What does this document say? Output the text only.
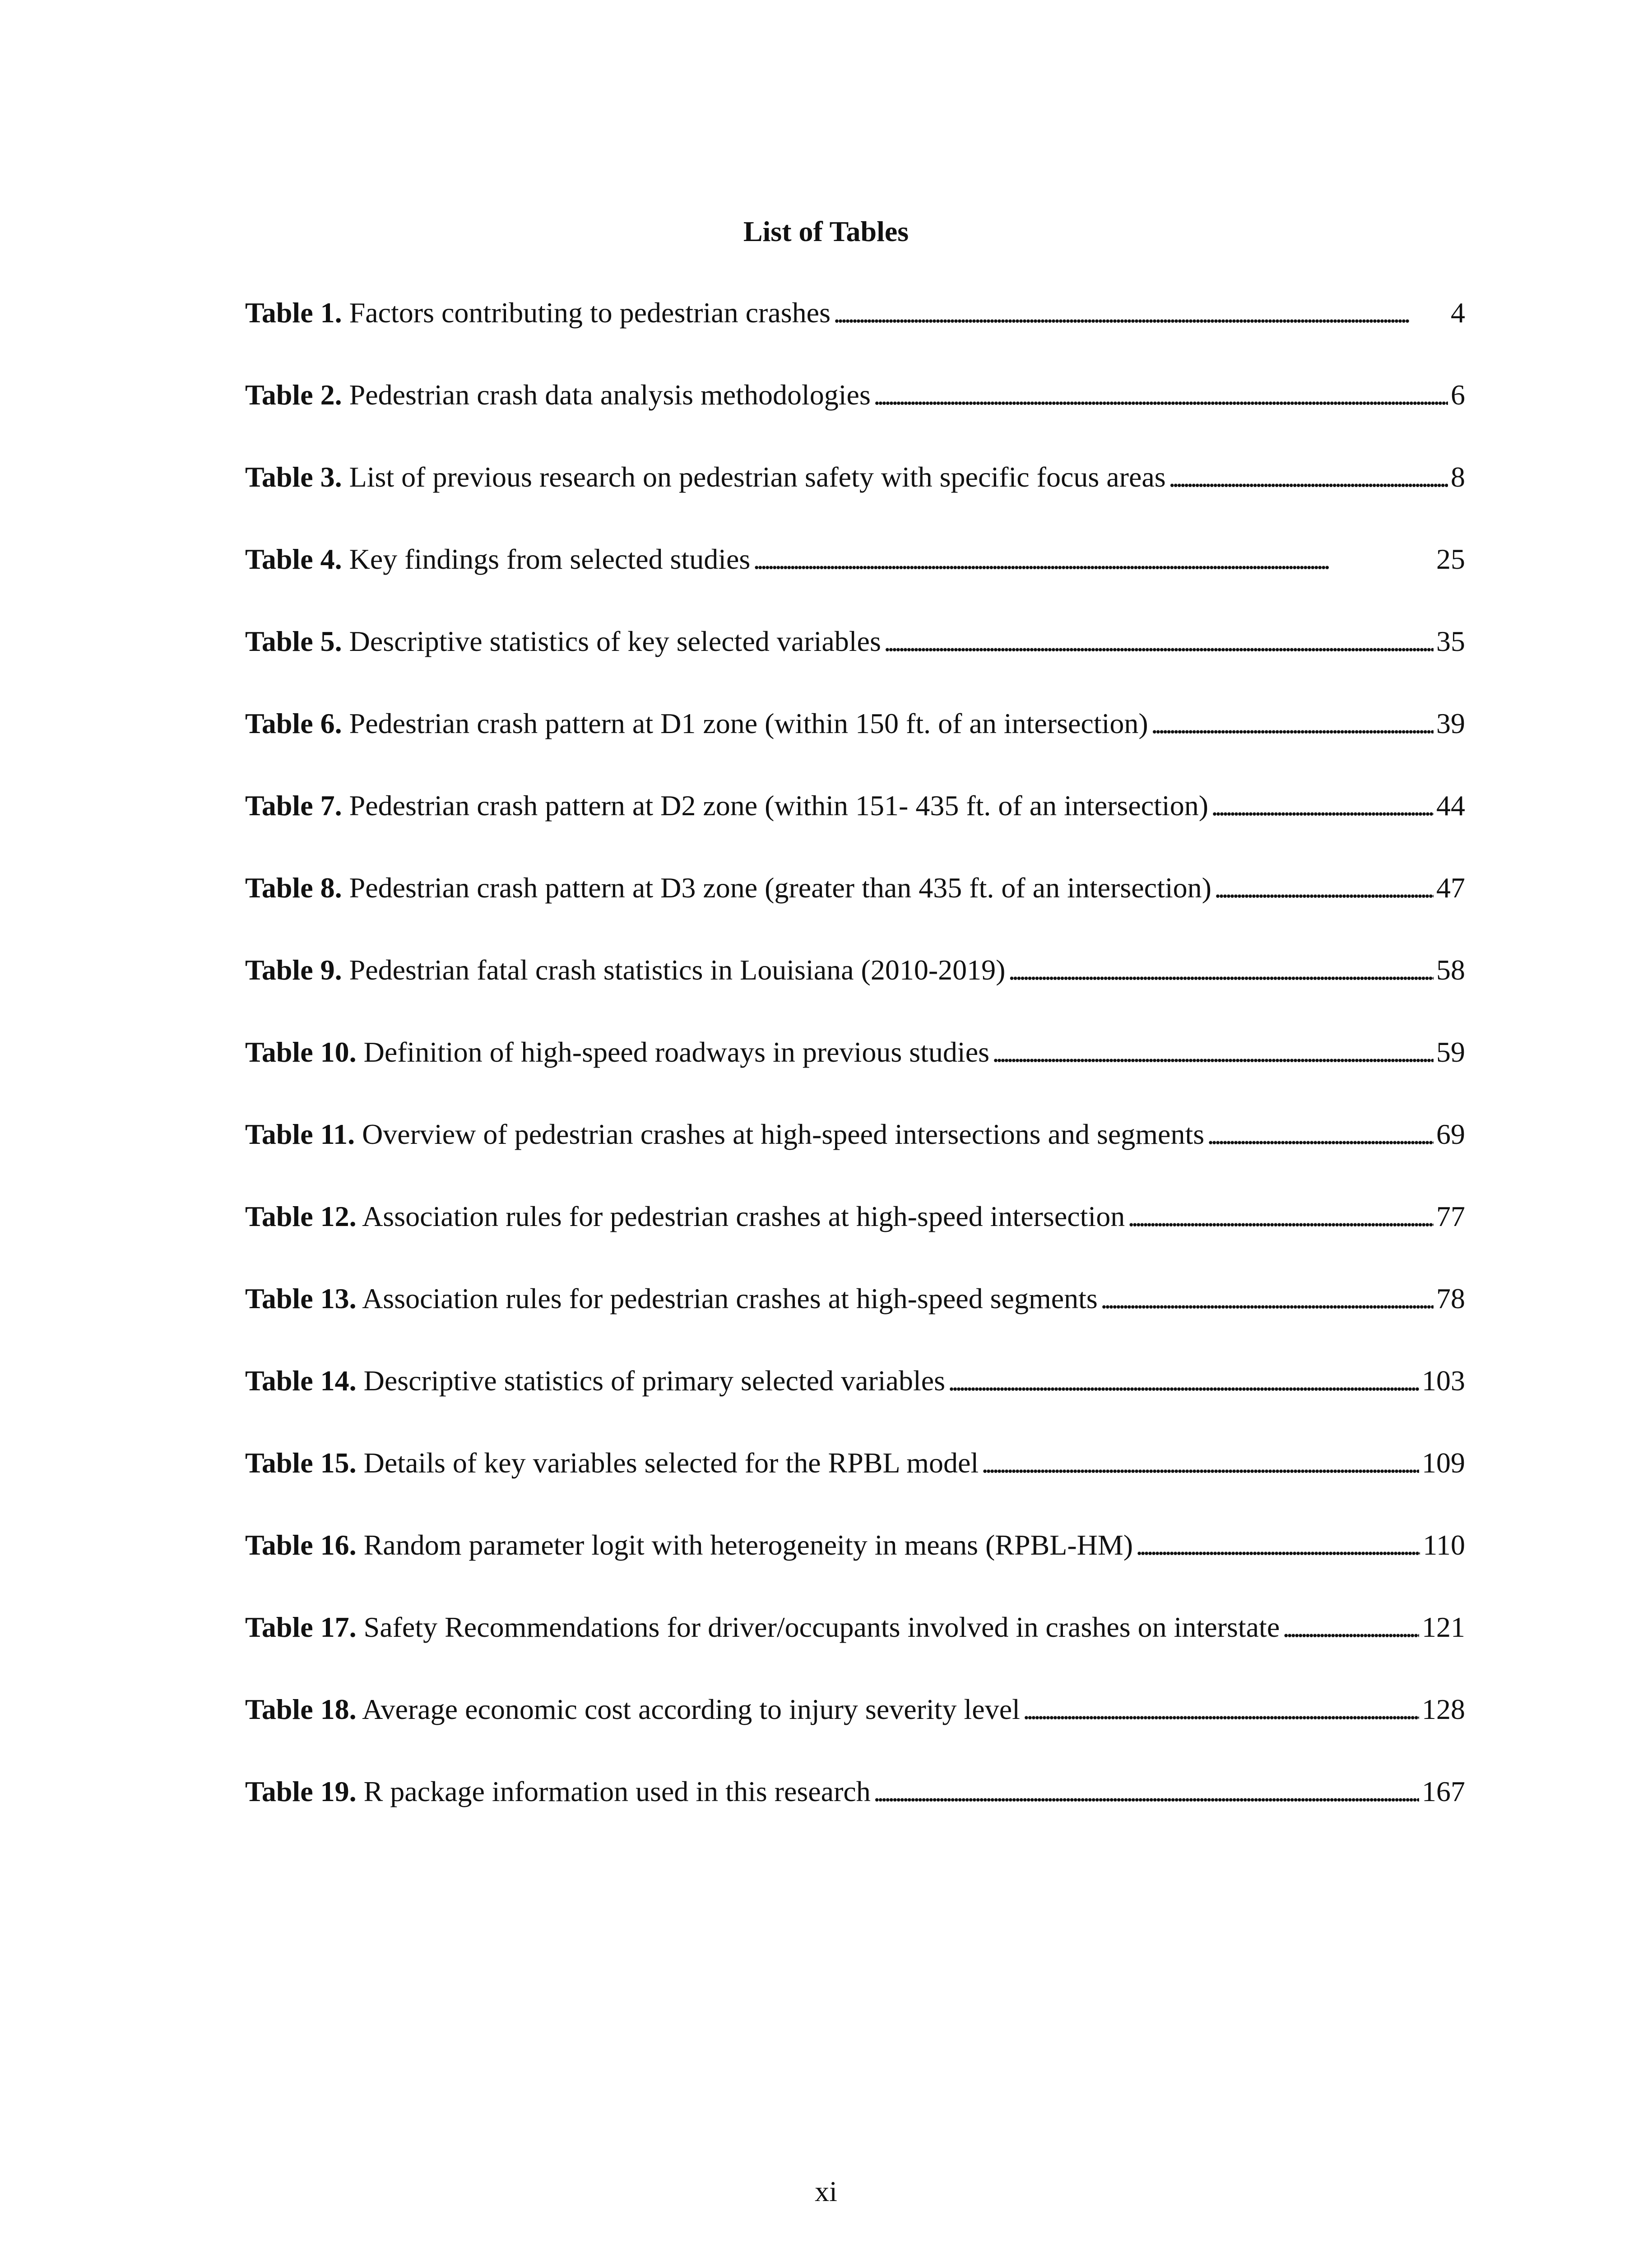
List of Tables
Table 1. Factors contributing to pedestrian crashes . . .	4
Table 2. Pedestrian crash data analysis methodologies . . .	6
Table 3. List of previous research on pedestrian safety with specific focus areas . . .	8
Table 4. Key findings from selected studies . . .	25
Table 5. Descriptive statistics of key selected variables . . .	35
Table 6. Pedestrian crash pattern at D1 zone (within 150 ft. of an intersection) . . .	39
Table 7. Pedestrian crash pattern at D2 zone (within 151- 435 ft. of an intersection) . . .	44
Table 8. Pedestrian crash pattern at D3 zone (greater than 435 ft. of an intersection) . . .	47
Table 9. Pedestrian fatal crash statistics in Louisiana (2010-2019) . . .	58
Table 10. Definition of high-speed roadways in previous studies . . .	59
Table 11. Overview of pedestrian crashes at high-speed intersections and segments . . .	69
Table 12. Association rules for pedestrian crashes at high-speed intersection . . .	77
Table 13. Association rules for pedestrian crashes at high-speed segments . . .	78
Table 14. Descriptive statistics of primary selected variables . . .	103
Table 15. Details of key variables selected for the RPBL model . . .	109
Table 16. Random parameter logit with heterogeneity in means (RPBL-HM) . . .	110
Table 17. Safety Recommendations for driver/occupants involved in crashes on interstate . . .	121
Table 18. Average economic cost according to injury severity level . . .	128
Table 19. R package information used in this research . . .	167

xi
